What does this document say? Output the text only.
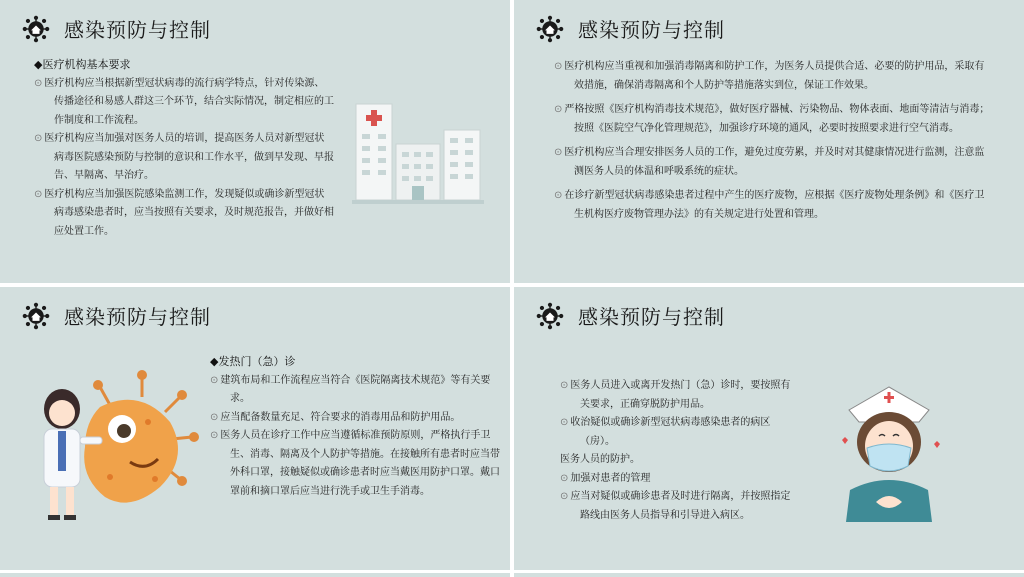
感染预防与控制
◆医疗机构基本要求
⊙ 医疗机构应当根据新型冠状病毒的流行病学特点，针对传染源、传播途径和易感人群这三个环节，结合实际情况，制定相应的工作制度和工作流程。
⊙ 医疗机构应当加强对医务人员的培训，提高医务人员对新型冠状病毒医院感染预防与控制的意识和工作水平，做到早发现、早报告、早隔离、早治疗。
⊙ 医疗机构应当加强医院感染监测工作，发现疑似或确诊新型冠状病毒感染患者时，应当按照有关要求，及时规范报告，并做好相应处置工作。
感染预防与控制
⊙ 医疗机构应当重视和加强消毒隔离和防护工作，为医务人员提供合适、必要的防护用品，采取有效措施，确保消毒隔离和个人防护等措施落实到位，保证工作效果。
⊙ 严格按照《医疗机构消毒技术规范》，做好医疗器械、污染物品、物体表面、地面等清洁与消毒；按照《医院空气净化管理规范》，加强诊疗环境的通风，必要时按照要求进行空气消毒。
⊙ 医疗机构应当合理安排医务人员的工作，避免过度劳累，并及时对其健康情况进行监测，注意监测医务人员的体温和呼吸系统的症状。
⊙ 在诊疗新型冠状病毒感染患者过程中产生的医疗废物，应根据《医疗废物处理条例》和《医疗卫生机构医疗废物管理办法》的有关规定进行处置和管理。
感染预防与控制
◆发热门（急）诊
⊙ 建筑布局和工作流程应当符合《医院隔离技术规范》等有关要求。
⊙ 应当配备数量充足、符合要求的消毒用品和防护用品。
⊙ 医务人员在诊疗工作中应当遵循标准预防原则，严格执行手卫生、消毒、隔离及个人防护等措施。在接触所有患者时应当带外科口罩，接触疑似或确诊患者时应当戴医用防护口罩。戴口罩前和摘口罩后应当进行洗手或卫生手消毒。
感染预防与控制
⊙ 医务人员进入或离开发热门（急）诊时，要按照有关要求，正确穿脱防护用品。
⊙ 收治疑似或确诊新型冠状病毒感染患者的病区（房）。
医务人员的防护。
⊙ 加强对患者的管理
⊙ 应当对疑似或确诊患者及时进行隔离，并按照指定路线由医务人员指导和引导进入病区。
